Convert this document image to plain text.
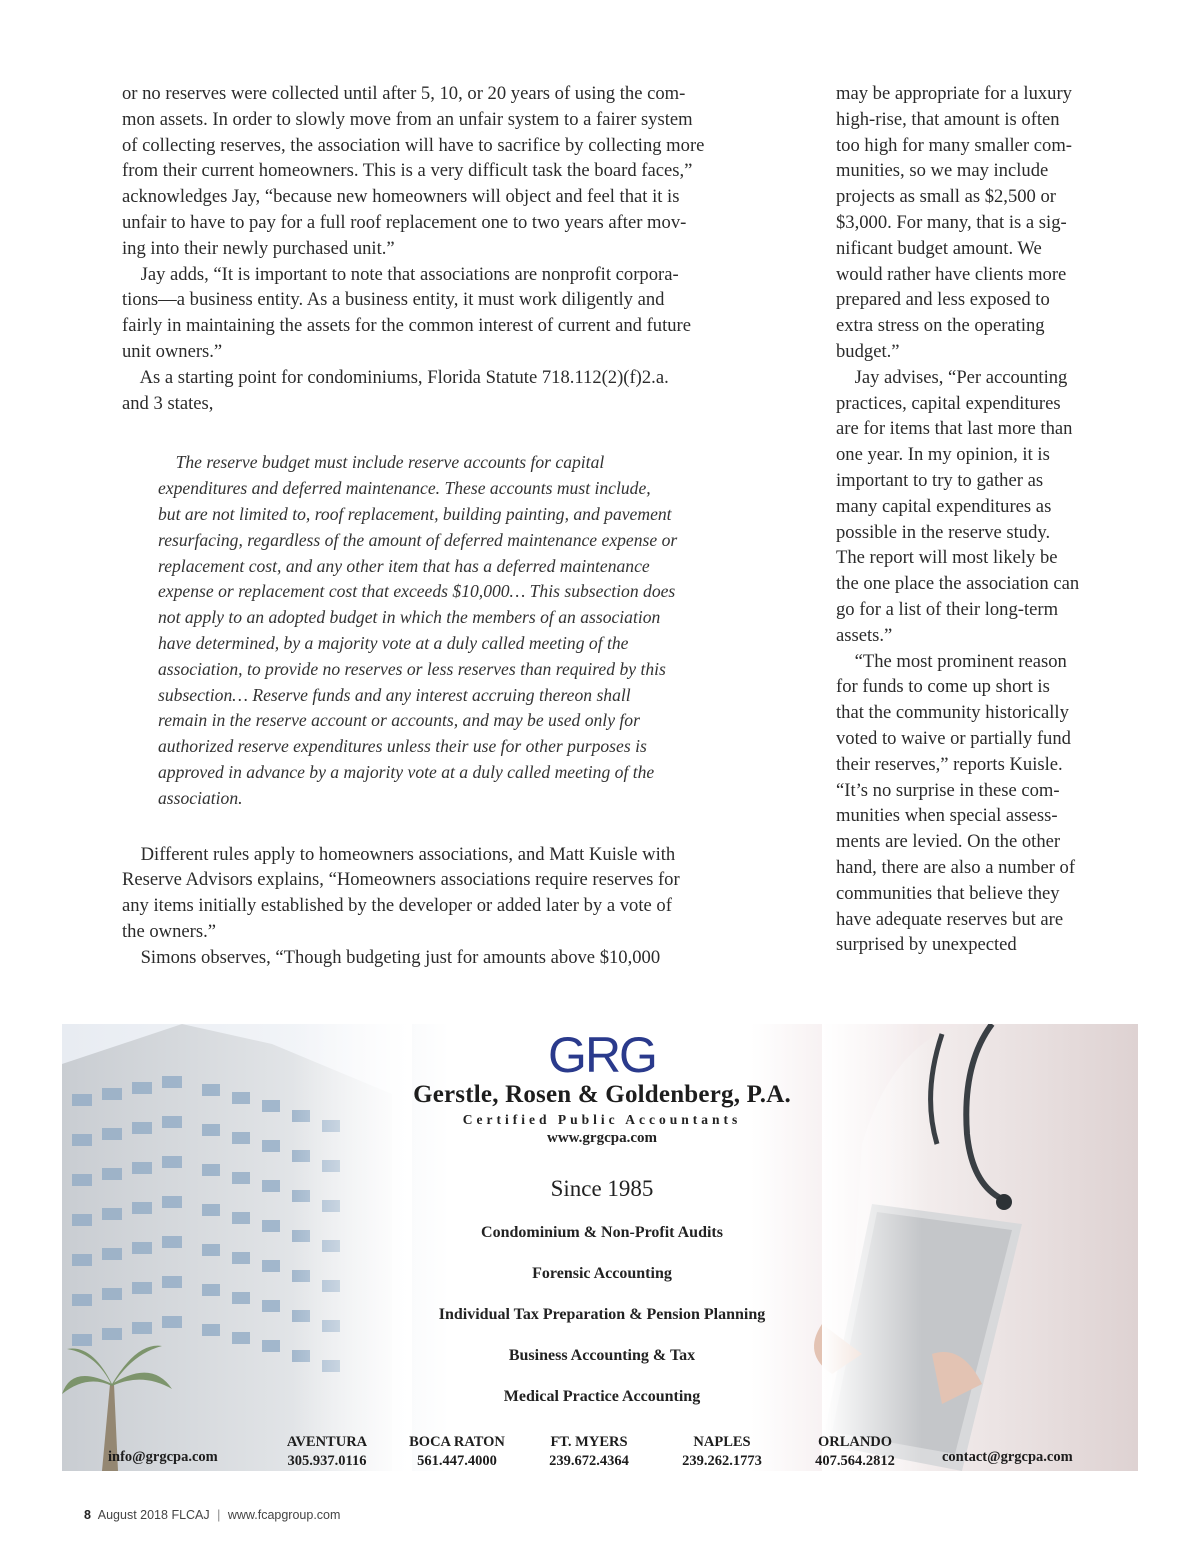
or no reserves were collected until after 5, 10, or 20 years of using the com-
mon assets. In order to slowly move from an unfair system to a fairer system
of collecting reserves, the association will have to sacrifice by collecting more
from their current homeowners. This is a very difficult task the board faces,”
acknowledges Jay, “because new homeowners will object and feel that it is
unfair to have to pay for a full roof replacement one to two years after mov-
ing into their newly purchased unit.”
Jay adds, “It is important to note that associations are nonprofit corpora-
tions—a business entity. As a business entity, it must work diligently and
fairly in maintaining the assets for the common interest of current and future
unit owners.”
As a starting point for condominiums, Florida Statute 718.112(2)(f)2.a.
and 3 states,
The reserve budget must include reserve accounts for capital
expenditures and deferred maintenance. These accounts must include,
but are not limited to, roof replacement, building painting, and pavement
resurfacing, regardless of the amount of deferred maintenance expense or
replacement cost, and any other item that has a deferred maintenance
expense or replacement cost that exceeds $10,000… This subsection does
not apply to an adopted budget in which the members of an association
have determined, by a majority vote at a duly called meeting of the
association, to provide no reserves or less reserves than required by this
subsection… Reserve funds and any interest accruing thereon shall
remain in the reserve account or accounts, and may be used only for
authorized reserve expenditures unless their use for other purposes is
approved in advance by a majority vote at a duly called meeting of the
association.
Different rules apply to homeowners associations, and Matt Kuisle with
Reserve Advisors explains, “Homeowners associations require reserves for
any items initially established by the developer or added later by a vote of
the owners.”
Simons observes, “Though budgeting just for amounts above $10,000
may be appropriate for a luxury
high-rise, that amount is often
too high for many smaller com-
munities, so we may include
projects as small as $2,500 or
$3,000. For many, that is a sig-
nificant budget amount. We
would rather have clients more
prepared and less exposed to
extra stress on the operating
budget.”
Jay advises, “Per accounting
practices, capital expenditures
are for items that last more than
one year. In my opinion, it is
important to try to gather as
many capital expenditures as
possible in the reserve study.
The report will most likely be
the one place the association can
go for a list of their long-term
assets.”
“The most prominent reason
for funds to come up short is
that the community historically
voted to waive or partially fund
their reserves,” reports Kuisle.
“It’s no surprise in these com-
munities when special assess-
ments are levied. On the other
hand, there are also a number of
communities that believe they
have adequate reserves but are
surprised by unexpected
GRG
Gerstle, Rosen & Goldenberg, P.A.
Certified Public Accountants
www.grgcpa.com
Since 1985
Condominium & Non-Profit Audits
Forensic Accounting
Individual Tax Preparation & Pension Planning
Business Accounting & Tax
Medical Practice Accounting
info@grgcpa.com
AVENTURA
305.937.0116
BOCA RATON
561.447.4000
FT. MYERS
239.672.4364
NAPLES
239.262.1773
ORLANDO
407.564.2812	contact@grgcpa.com
8 August 2018 FLCAJ | www.fcapgroup.com
